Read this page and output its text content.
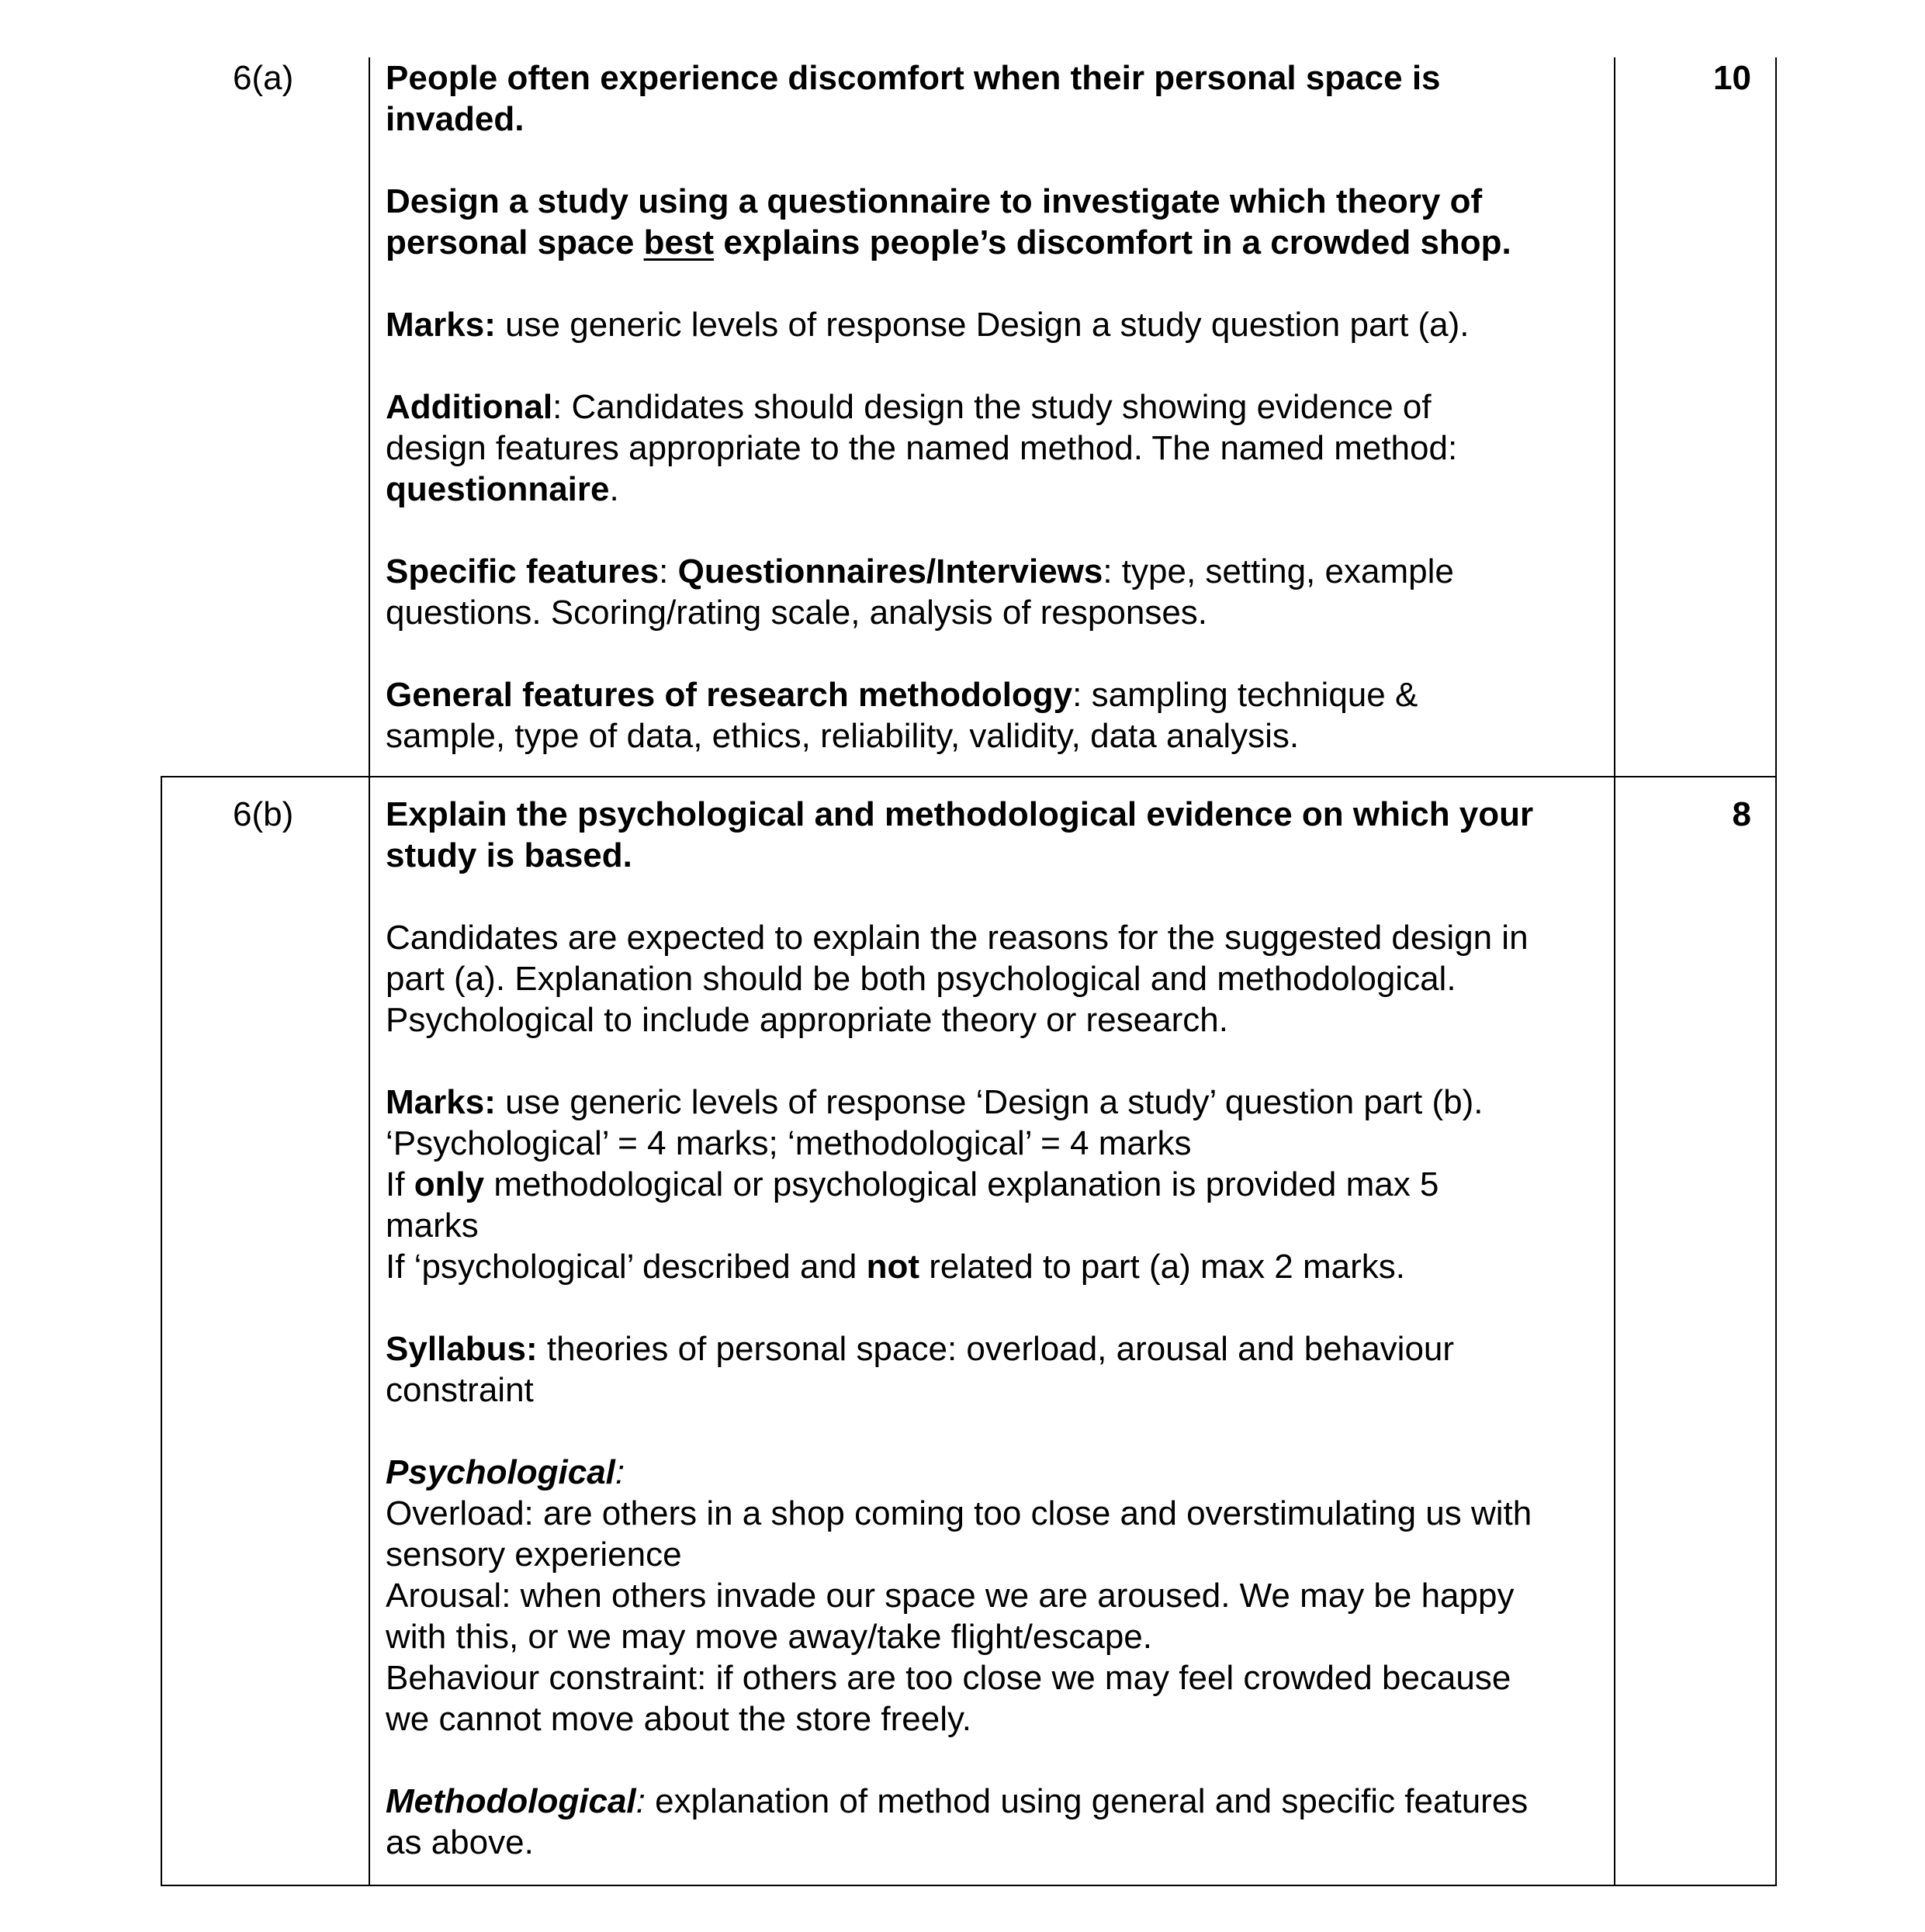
6(a)	People often experience discomfort when their personal space is
invaded.
Design a study using a questionnaire to investigate which theory of
personal space best explains people’s discomfort in a crowded shop.
Marks: use generic levels of response Design a study question part (a).
Additional: Candidates should design the study showing evidence of
design features appropriate to the named method. The named method:
questionnaire.
Specific features: Questionnaires/Interviews: type, setting, example
questions. Scoring/rating scale, analysis of responses.
General features of research methodology: sampling technique &
sample, type of data, ethics, reliability, validity, data analysis.
10
6(b)	Explain the psychological and methodological evidence on which your
study is based.
Candidates are expected to explain the reasons for the suggested design in
part (a). Explanation should be both psychological and methodological.
Psychological to include appropriate theory or research.
Marks: use generic levels of response ‘Design a study’ question part (b).
‘Psychological’ = 4 marks; ‘methodological’ = 4 marks
If only methodological or psychological explanation is provided max 5
marks
If ‘psychological’ described and not related to part (a) max 2 marks.
Syllabus: theories of personal space: overload, arousal and behaviour
constraint
Psychological:
Overload: are others in a shop coming too close and overstimulating us with
sensory experience
Arousal: when others invade our space we are aroused. We may be happy
with this, or we may move away/take flight/escape.
Behaviour constraint: if others are too close we may feel crowded because
we cannot move about the store freely.
Methodological: explanation of method using general and specific features
as above.
8
